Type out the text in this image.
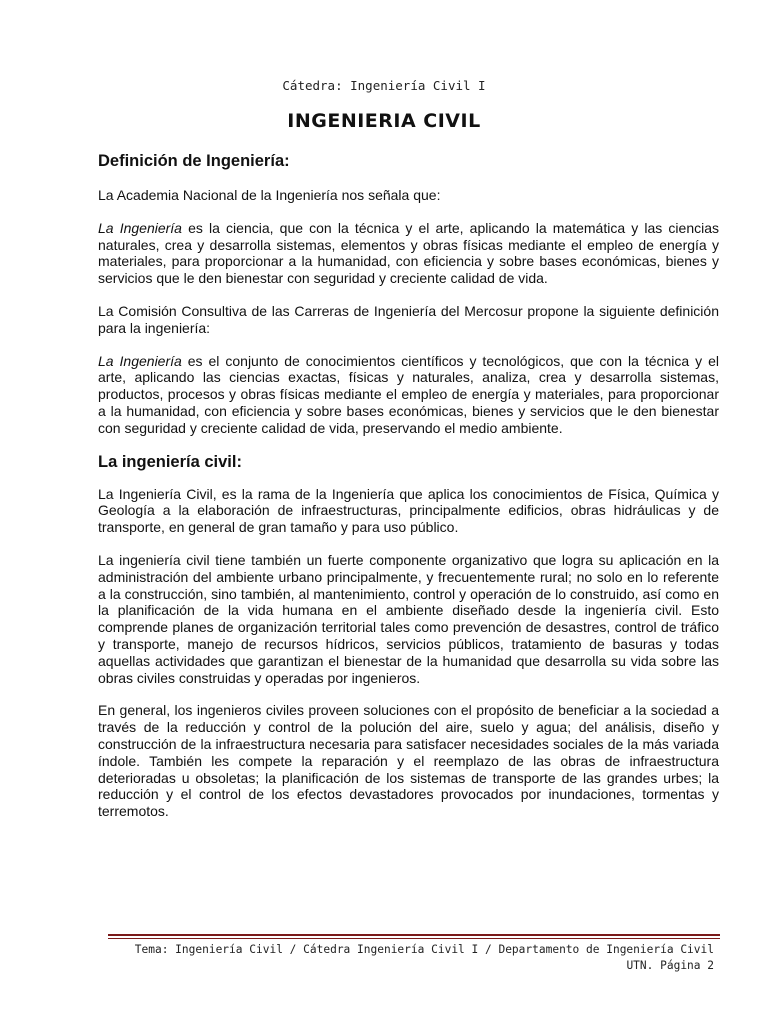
Cátedra: Ingeniería Civil I
INGENIERIA CIVIL
Definición de Ingeniería:

La Academia Nacional de la Ingeniería nos señala que:

La Ingeniería es la ciencia, que con la técnica y el arte, aplicando la matemática y las ciencias naturales, crea y desarrolla sistemas, elementos y obras físicas mediante el empleo de energía y materiales, para proporcionar a la humanidad, con eficiencia y sobre bases económicas, bienes y servicios que le den bienestar con seguridad y creciente calidad de vida.

La Comisión Consultiva de las Carreras de Ingeniería del Mercosur propone la siguiente definición para la ingeniería:

La Ingeniería es el conjunto de conocimientos científicos y tecnológicos, que con la técnica y el arte, aplicando las ciencias exactas, físicas y naturales, analiza, crea y desarrolla sistemas, productos, procesos y obras físicas mediante el empleo de energía y materiales, para proporcionar a la humanidad, con eficiencia y sobre bases económicas, bienes y servicios que le den bienestar con seguridad y creciente calidad de vida, preservando el medio ambiente.

La ingeniería civil:

La Ingeniería Civil, es la rama de la Ingeniería que aplica los conocimientos de Física, Química y Geología a la elaboración de infraestructuras, principalmente edificios, obras hidráulicas y de transporte, en general de gran tamaño y para uso público.

La ingeniería civil tiene también un fuerte componente organizativo que logra su aplicación en la administración del ambiente urbano principalmente, y frecuentemente rural; no solo en lo referente a la construcción, sino también, al mantenimiento, control y operación de lo construido, así como en la planificación de la vida humana en el ambiente diseñado desde la ingeniería civil. Esto comprende planes de organización territorial tales como prevención de desastres, control de tráfico y transporte, manejo de recursos hídricos, servicios públicos, tratamiento de basuras y todas aquellas actividades que garantizan el bienestar de la humanidad que desarrolla su vida sobre las obras civiles construidas y operadas por ingenieros.

En general, los ingenieros civiles proveen soluciones con el propósito de beneficiar a la sociedad a través de la reducción y control de la polución del aire, suelo y agua; del análisis, diseño y construcción de la infraestructura necesaria para satisfacer necesidades sociales de la más variada índole. También les compete la reparación y el reemplazo de las obras de infraestructura deterioradas u obsoletas; la planificación de los sistemas de transporte de las grandes urbes; la reducción y el control de los efectos devastadores provocados por inundaciones, tormentas y terremotos.

Tema: Ingeniería Civil / Cátedra Ingeniería Civil I / Departamento de Ingeniería Civil
UTN. Página 2
